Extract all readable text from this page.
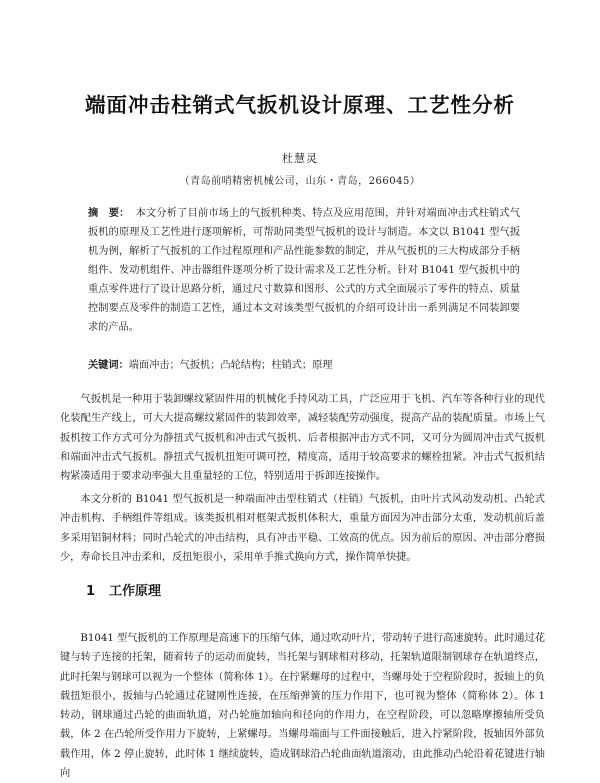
端面冲击柱销式气扳机设计原理、工艺性分析
杜慧灵
（青岛前哨精密机械公司，山东・青岛，266045）
摘　要： 本文分析了目前市场上的气扳机种类、特点及应用范围，并针对端面冲击式柱销式气扳机的原理及工艺性进行逐项解析，可帮助同类型气扳机的设计与制造。本文以 B1041 型气扳机为例，解析了气扳机的工作过程原理和产品性能参数的制定，并从气扳机的三大构成部分手柄组件、发动机组件、冲击器组件逐项分析了设计需求及工艺性分析。针对 B1041 型气扳机中的重点零件进行了设计思路分析，通过尺寸数算和图形、公式的方式全面展示了零件的特点、质量控制要点及零件的制造工艺性，通过本文对该类型气扳机的介绍可设计出一系列满足不同装卸要求的产品。
关键词：端面冲击；气扳机；凸轮结构；柱销式；原理

气扳机是一种用于装卸螺纹紧固件用的机械化手持风动工具，广泛应用于飞机、汽车等各种行业的现代化装配生产线上，可大大提高螺纹紧固件的装卸效率，减轻装配劳动强度，提高产品的装配质量。市场上气扳机按工作方式可分为静扭式气扳机和冲击式气扳机、后者根据冲击方式不同，又可分为圆周冲击式气扳机和端面冲击式气扳机。静扭式气扳机扭矩可调可控，精度高，适用于较高要求的螺栓扭紧。冲击式气扳机结构紧凑适用于要求动率强大且重量轻的工位，特别适用于拆卸连接操作。

本文分析的 B1041 型气扳机是一种端面冲击型柱销式（柱销）气扳机，由叶片式风动发动机、凸轮式冲击机构、手柄组件等组成。该类扳机相对框架式扳机体积大，重量方面因为冲击部分太重，发动机前后盖多采用铝铜材料；同时凸轮式的冲击结构，具有冲击平稳、工效高的优点。因为前后的原因、冲击部分磨损少，寿命长且冲击柔和，反扭矩很小，采用单手推式换向方式，操作简单快捷。

1 工作原理

B1041 型气扳机的工作原理是高速下的压缩气体，通过吹动叶片，带动转子进行高速旋转。此时通过花键与转子连接的托架，随着转子的运动而旋转，当托架与钢球相对移动，托架轨道限制钢球存在轨道终点，此时托架与钢球可以视为一个整体（简称体 1）。在拧紧螺母的过程中，当螺母处于空程阶段时，扳轴上的负载扭矩很小，扳轴与凸轮通过花键刚性连接，在压缩弹簧的压力作用下，也可视为整体（简称体 2）。体 1 转动，钢球通过凸轮的曲面轨道，对凸轮施加轴向和径向的作用力，在空程阶段，可以忽略摩擦轴所受负载，体 2 在凸轮所受作用力下旋转，上紧螺母。当螺母端面与工件面接触后，进入拧紧阶段，扳轴因外部负载作用，体 2 停止旋转，此时体 1 继续旋转，造成钢球沿凸轮曲面轨道滚动，由此推动凸轮沿着花键进行轴向
